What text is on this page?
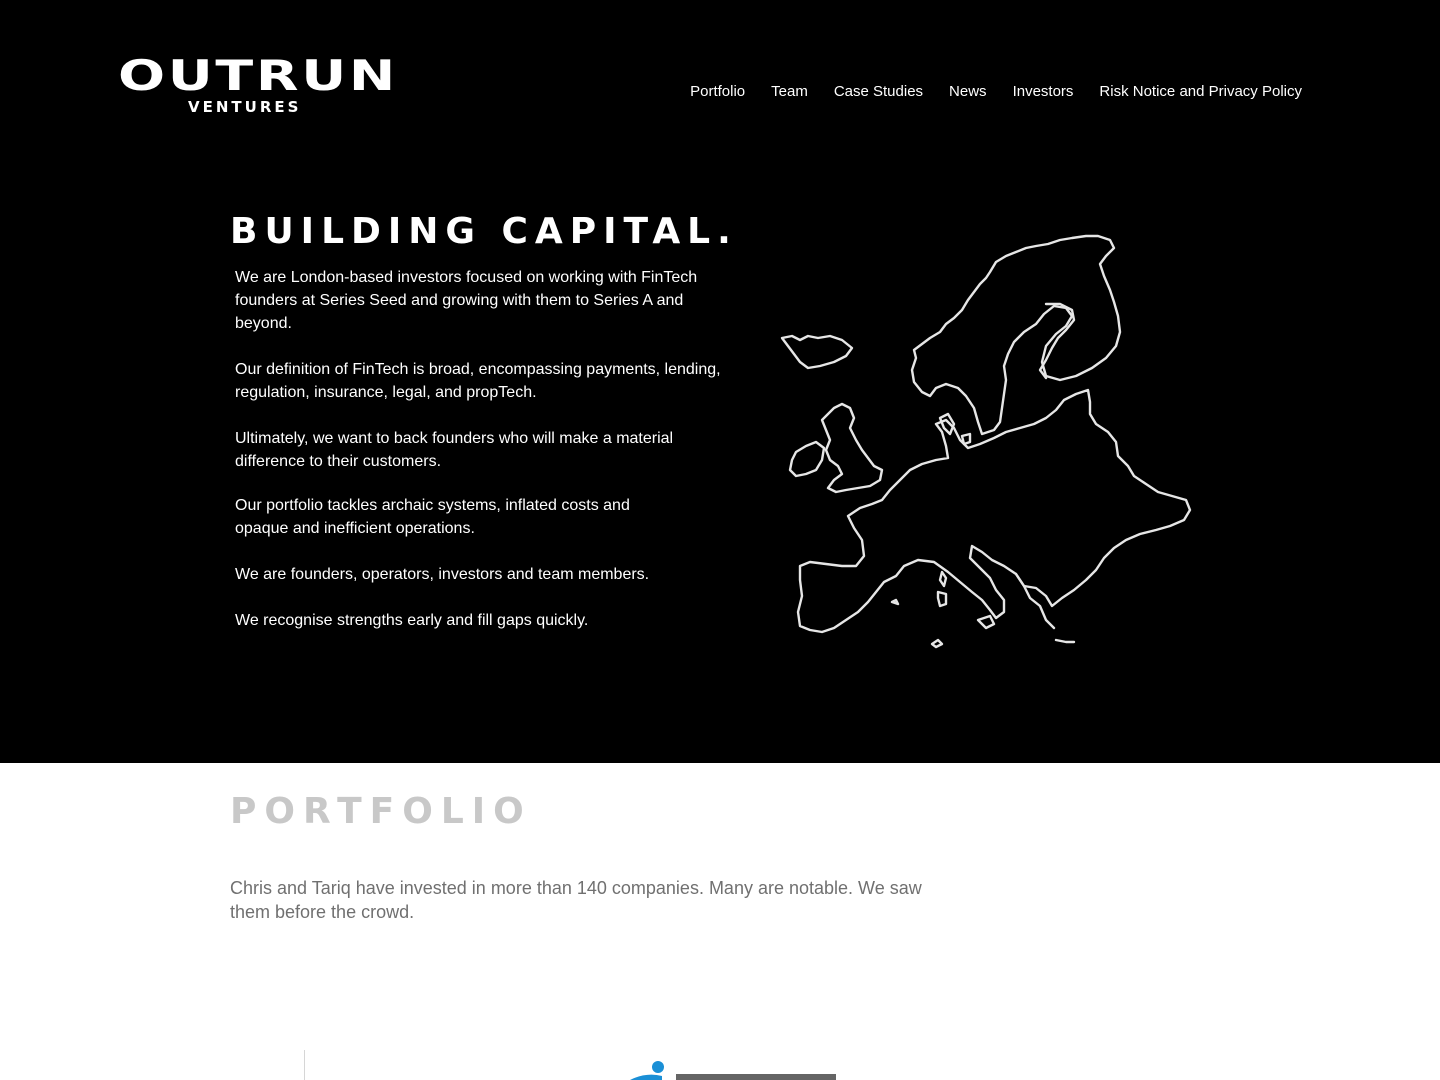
OUTRUN
VENTURES
Portfolio Team Case Studies News Investors Risk Notice and Privacy Policy
BUILDING CAPITAL.

We are London-based investors focused on working with FinTech founders at Series Seed and growing with them to Series A and beyond.

Our definition of FinTech is broad, encompassing payments, lending, regulation, insurance, legal, and propTech.

Ultimately, we want to back founders who will make a material difference to their customers.

Our portfolio tackles archaic systems, inflated costs and opaque and inefficient operations.

We are founders, operators, investors and team members.

We recognise strengths early and fill gaps quickly.

PORTFOLIO

Chris and Tariq have invested in more than 140 companies. Many are notable. We saw them before the crowd.
